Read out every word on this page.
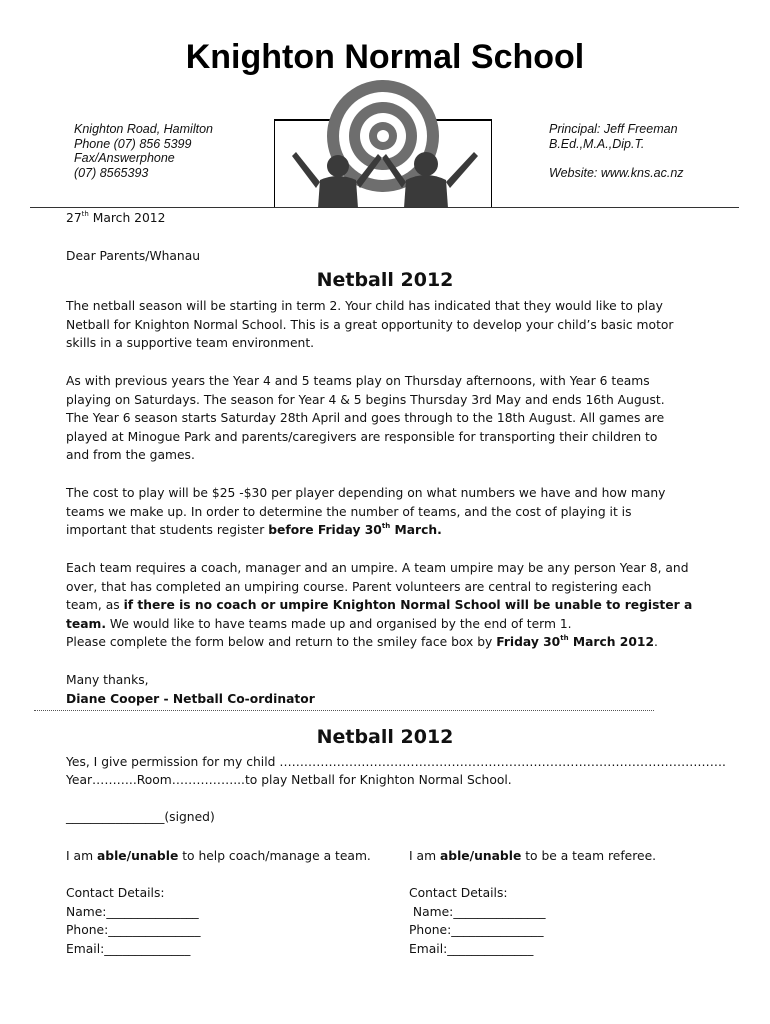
Knighton Normal School
Knighton Road, Hamilton
Phone (07) 856 5399
Fax/Answerphone
(07) 8565393
Principal: Jeff Freeman
B.Ed.,M.A.,Dip.T.

Website: www.kns.ac.nz
27th March 2012
Dear Parents/Whanau
Netball 2012
The netball season will be starting in term 2. Your child has indicated that they would like to play
Netball for Knighton Normal School. This is a great opportunity to develop your child’s basic motor
skills in a supportive team environment.
As with previous years the Year 4 and 5 teams play on Thursday afternoons, with Year 6 teams
playing on Saturdays. The season for Year 4 & 5 begins Thursday 3rd May and ends 16th August.
The Year 6 season starts Saturday 28th April and goes through to the 18th August. All games are
played at Minogue Park and parents/caregivers are responsible for transporting their children to
and from the games.
The cost to play will be $25 -$30 per player depending on what numbers we have and how many
teams we make up. In order to determine the number of teams, and the cost of playing it is
important that students register before Friday 30th March.
Each team requires a coach, manager and an umpire. A team umpire may be any person Year 8, and
over, that has completed an umpiring course. Parent volunteers are central to registering each
team, as if there is no coach or umpire Knighton Normal School will be unable to register a
team. We would like to have teams made up and organised by the end of term 1.
Please complete the form below and return to the smiley face box by Friday 30th March 2012.
Many thanks,
Diane Cooper - Netball Co-ordinator
Netball 2012
Yes, I give permission for my child ……………………………………………………………………………………………….
Year………..Room……………...to play Netball for Knighton Normal School.
________________(signed)
I am able/unable to help coach/manage a team.

Contact Details:
Name:_______________
Phone:_______________
Email:______________
I am able/unable to be a team referee.

Contact Details:
Name:_______________
Phone:_______________
Email:______________
